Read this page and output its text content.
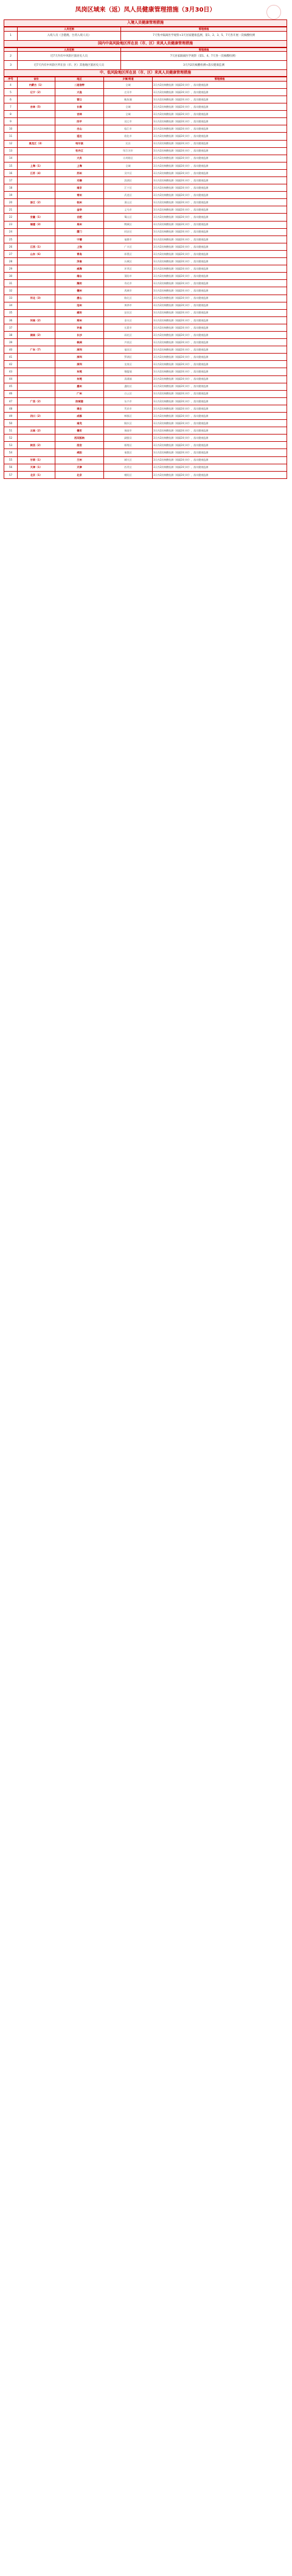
凤岗区域来（返）凤人员健康管理措施（3月30日）
入境人员健康管理措施
	人员范围	管理措施
1	入境人员（含港澳、台湾入境人员）	7天集中隔离医学观察+3天居家健康监测，第1、2、3、5、7天各开展一次核酸检测
国内中高风险地区所在县（市、区）来凤人员健康管理措施
	人员范围	管理措施
2	近7天内有中风险区旅居史人员	7天居家隔离医学观察（第1、4、7天各一次核酸检测）
3	近7天内有中风险区所在县（市、区）其他地区旅居史人员	3天内2次核酸检测+落实健康监测
中、低风险地区所在县（市、区）来凤人员健康管理措施
序号	省份	地区	乡镇/街道	管理措施
4	内蒙古（1）	二连浩特	全域	3天内2次核酸检测（间隔24小时），落实健康监测
5	辽宁（2）	大连	庄河市	3天内2次核酸检测（间隔24小时），落实健康监测
6		营口	鲅鱼圈	3天内2次核酸检测（间隔24小时），落实健康监测
7	吉林（5）	长春	全域	3天内2次核酸检测（间隔24小时），落实健康监测
8		吉林	全域	3天内2次核酸检测（间隔24小时），落实健康监测
9		四平	双辽市	3天内2次核酸检测（间隔24小时），落实健康监测
10		白山	临江市	3天内2次核酸检测（间隔24小时），落实健康监测
11		延边	敦化市	3天内2次核酸检测（间隔24小时），落实健康监测
12	黑龙江（3）	哈尔滨	宾县	3天内2次核酸检测（间隔24小时），落实健康监测
13		牡丹江	绥芬河市	3天内2次核酸检测（间隔24小时），落实健康监测
14		大庆	让胡路区	3天内2次核酸检测（间隔24小时），落实健康监测
15	上海（1）	上海	全域	3天内2次核酸检测（间隔24小时），落实健康监测
16	江苏（4）	苏州	吴中区	3天内2次核酸检测（间隔24小时），落实健康监测
17		无锡	滨湖区	3天内2次核酸检测（间隔24小时），落实健康监测
18		南京	江宁区	3天内2次核酸检测（间隔24小时），落实健康监测
19		常州	武进区	3天内2次核酸检测（间隔24小时），落实健康监测
20	浙江（2）	杭州	萧山区	3天内2次核酸检测（间隔24小时），落实健康监测
21		金华	义乌市	3天内2次核酸检测（间隔24小时），落实健康监测
22	安徽（1）	合肥	蜀山区	3天内2次核酸检测（间隔24小时），落实健康监测
23	福建（3）	泉州	鲤城区	3天内2次核酸检测（间隔24小时），落实健康监测
24		厦门	同安区	3天内2次核酸检测（间隔24小时），落实健康监测
25		宁德	福鼎市	3天内2次核酸检测（间隔24小时），落实健康监测
26	江西（1）	上饶	广丰区	3天内2次核酸检测（间隔24小时），落实健康监测
27	山东（6）	青岛	即墨区	3天内2次核酸检测（间隔24小时），落实健康监测
28		济南	历城区	3天内2次核酸检测（间隔24小时），落实健康监测
29		威海	环翠区	3天内2次核酸检测（间隔24小时），落实健康监测
30		烟台	莱阳市	3天内2次核酸检测（间隔24小时），落实健康监测
31		潍坊	寿光市	3天内2次核酸检测（间隔24小时），落实健康监测
32		德州	禹城市	3天内2次核酸检测（间隔24小时），落实健康监测
33	河北（3）	唐山	路北区	3天内2次核酸检测（间隔24小时），落实健康监测
34		沧州	黄骅市	3天内2次核酸检测（间隔24小时），落实健康监测
35		廊坊	安次区	3天内2次核酸检测（间隔24小时），落实健康监测
36	河南（2）	郑州	金水区	3天内2次核酸检测（间隔24小时），落实健康监测
37		许昌	长葛市	3天内2次核酸检测（间隔24小时），落实健康监测
38	湖南（2）	长沙	雨花区	3天内2次核酸检测（间隔24小时），落实健康监测
39		株洲	芦淞区	3天内2次核酸检测（间隔24小时），落实健康监测
40	广东（7）	深圳	福田区	3天内2次核酸检测（间隔24小时），落实健康监测
41		深圳	罗湖区	3天内2次核酸检测（间隔24小时），落实健康监测
42		深圳	龙岗区	3天内2次核酸检测（间隔24小时），落实健康监测
43		东莞	塘厦镇	3天内2次核酸检测（间隔24小时），落实健康监测
44		东莞	清溪镇	3天内2次核酸检测（间隔24小时），落实健康监测
45		惠州	惠阳区	3天内2次核酸检测（间隔24小时），落实健康监测
46		广州	白云区	3天内2次核酸检测（间隔24小时），落实健康监测
47	广西（2）	防城港	东兴市	3天内2次核酸检测（间隔24小时），落实健康监测
48		崇左	凭祥市	3天内2次核酸检测（间隔24小时），落实健康监测
49	四川（2）	成都	郫都区	3天内2次核酸检测（间隔24小时），落实健康监测
50		南充	顺庆区	3天内2次核酸检测（间隔24小时），落实健康监测
51	云南（2）	德宏	瑞丽市	3天内2次核酸检测（间隔24小时），落实健康监测
52		西双版纳	勐腊县	3天内2次核酸检测（间隔24小时），落实健康监测
53	陕西（2）	西安	雁塔区	3天内2次核酸检测（间隔24小时），落实健康监测
54		咸阳	秦都区	3天内2次核酸检测（间隔24小时），落实健康监测
55	甘肃（1）	兰州	城关区	3天内2次核酸检测（间隔24小时），落实健康监测
56	天津（1）	天津	西青区	3天内2次核酸检测（间隔24小时），落实健康监测
57	北京（1）	北京	朝阳区	3天内2次核酸检测（间隔24小时），落实健康监测
